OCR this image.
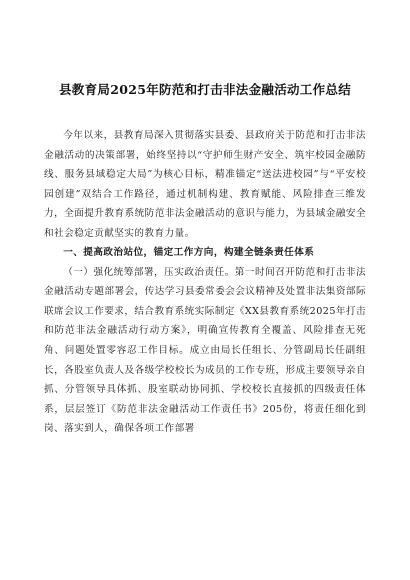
县教育局2025年防范和打击非法金融活动工作总结

今年以来，县教育局深入贯彻落实县委、县政府关于防范和打击非法金融活动的决策部署，始终坚持以“守护师生财产安全、筑牢校园金融防线、服务县域稳定大局”为核心目标，精准锚定“送法进校园”与“平安校园创建”双结合工作路径，通过机制构建、教育赋能、风险排查三维发力，全面提升教育系统防范非法金融活动的意识与能力，为县域金融安全和社会稳定贡献坚实的教育力量。

一、提高政治站位，锚定工作方向，构建全链条责任体系

（一）强化统筹部署，压实政治责任。第一时间召开防范和打击非法金融活动专题部署会，传达学习县委常委会会议精神及处置非法集资部际联席会议工作要求，结合教育系统实际制定《XX县教育系统2025年打击和防范非法金融活动行动方案》，明确宣传教育全覆盖、风险排查无死角、问题处置零容忍工作目标。成立由局长任组长、分管副局长任副组长，各股室负责人及各级学校校长为成员的工作专班，形成主要领导亲自抓、分管领导具体抓、股室联动协同抓、学校校长直接抓的四级责任体系，层层签订《防范非法金融活动工作责任书》205份，将责任细化到岗、落实到人，确保各项工作部署
